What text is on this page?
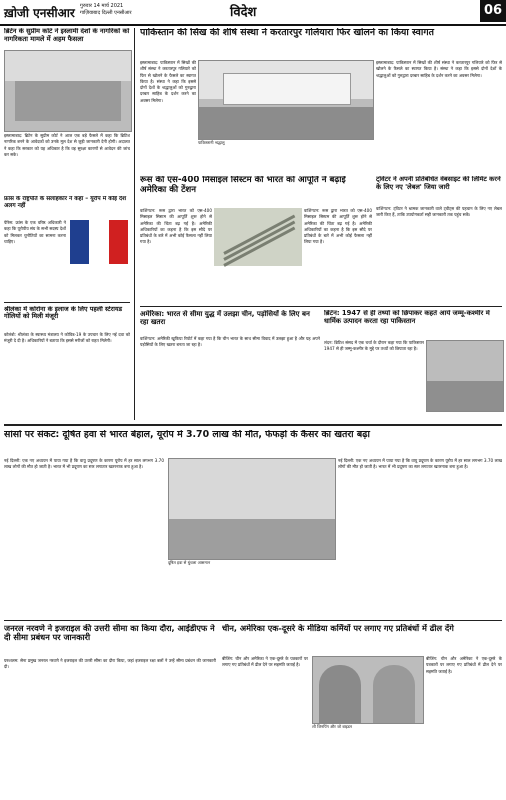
ख़ोजी एनसीआर गुरुवार 14 मार्च 2021
गाज़ियाबाद दिल्ली एनसीआर	विदेश	06
ब्रिटेन के सुप्रीम कोर्ट ने इस्लामी देशों के नागरिकों को नागरिकता मामले में अहम फैसला
इस्लामाबाद: ब्रिटेन के सुप्रीम कोर्ट ने आज एक बड़े फैसले में कहा कि ब्रिटिश नागरिक बनने के आवेदकों को उनके मूल देश से जुड़ी जानकारी देनी होगी। अदालत ने कहा कि सरकार को यह अधिकार है कि वह सुरक्षा कारणों से आवेदन की जांच कर सके।
फ्रांस के राष्ट्रपति के सलाहकार ने कहा – यूरोप में कोई देश अलग नहीं
पेरिस: फ्रांस के एक वरिष्ठ अधिकारी ने कहा कि यूरोपीय संघ के सभी सदस्य देशों को मिलकर चुनौतियों का सामना करना चाहिए।
श्रीलंका में कोरोना के इलाज के लिए पहली स्टेरायड गोलियों को मिली मंजूरी
कोलंबो: श्रीलंका के स्वास्थ्य मंत्रालय ने कोविड-19 के उपचार के लिए नई दवा को मंजूरी दे दी है। अधिकारियों ने बताया कि इससे मरीजों को राहत मिलेगी।
पाकिस्तान की सिख की शीर्ष संस्था ने करतारपुर गलियारा फिर खोलने का किया स्वागत
इस्लामाबाद: पाकिस्तान में सिखों की शीर्ष संस्था ने करतारपुर गलियारे को फिर से खोलने के फैसले का स्वागत किया है। संस्था ने कहा कि इससे दोनों देशों के श्रद्धालुओं को गुरुद्वारा दरबार साहिब के दर्शन करने का अवसर मिलेगा।
पाकिस्तानी श्रद्धालु
इस्लामाबाद: पाकिस्तान में सिखों की शीर्ष संस्था ने करतारपुर गलियारे को फिर से खोलने के फैसले का स्वागत किया है। संस्था ने कहा कि इससे दोनों देशों के श्रद्धालुओं को गुरुद्वारा दरबार साहिब के दर्शन करने का अवसर मिलेगा।
रूस की एस-400 मिसाइल सिस्टम की भारत को आपूर्ति ने बढ़ाई अमेरिका की टेंशन
वाशिंगटन: रूस द्वारा भारत को एस-400 मिसाइल सिस्टम की आपूर्ति शुरू होने से अमेरिका की चिंता बढ़ गई है। अमेरिकी अधिकारियों का कहना है कि इस सौदे पर प्रतिबंधों के बारे में अभी कोई फैसला नहीं लिया गया है।
वाशिंगटन: रूस द्वारा भारत को एस-400 मिसाइल सिस्टम की आपूर्ति शुरू होने से अमेरिका की चिंता बढ़ गई है। अमेरिकी अधिकारियों का कहना है कि इस सौदे पर प्रतिबंधों के बारे में अभी कोई फैसला नहीं लिया गया है।
ट्विटर ने अपनी प्रतिबंधित वेबसाइट की लिमिट करने के लिए नए 'लेबल' जिया जारी
वाशिंगटन: ट्विटर ने भ्रामक जानकारी वाले ट्वीट्स की पहचान के लिए नए लेबल जारी किए हैं, ताकि उपयोगकर्ता सही जानकारी तक पहुंच सकें।
अमेरिका: भारत से सीमा युद्ध में उलझा चीन, पड़ोसियों के लिए बन रहा खतरा
वाशिंगटन: अमेरिकी खुफिया रिपोर्ट में कहा गया है कि चीन भारत के साथ सीमा विवाद में उलझा हुआ है और यह अपने पड़ोसियों के लिए खतरा बनता जा रहा है।
ब्रिटेन: 1947 से ही तथ्यों को छिपाकर कहते आये जम्मू-कश्मीर में धार्मिक उत्पादन करता रहा पाकिस्तान
लंदन: ब्रिटिश संसद में एक चर्चा के दौरान कहा गया कि पाकिस्तान 1947 से ही जम्मू-कश्मीर के मुद्दे पर तथ्यों को छिपाता रहा है।
सांसों पर संकट: दूषित हवा से भारत बेहाल, यूरोप में 3.70 लाख की मौत, फेफड़ों के कैंसर का खतरा बढ़ा
नई दिल्ली: एक नए अध्ययन में पाया गया है कि वायु प्रदूषण के कारण यूरोप में हर साल लगभग 3.70 लाख लोगों की मौत हो जाती है। भारत में भी प्रदूषण का स्तर लगातार खतरनाक बना हुआ है।
दूषित हवा से धुंधला आसमान
नई दिल्ली: एक नए अध्ययन में पाया गया है कि वायु प्रदूषण के कारण यूरोप में हर साल लगभग 3.70 लाख लोगों की मौत हो जाती है। भारत में भी प्रदूषण का स्तर लगातार खतरनाक बना हुआ है।
जनरल नरवणे ने इजराइल की उत्तरी सीमा का किया दौरा, आईडीएफ ने दी सीमा प्रबंधन पर जानकारी
यरुशलम: सेना प्रमुख जनरल नरवणे ने इजराइल की उत्तरी सीमा का दौरा किया, जहां इजराइल रक्षा बलों ने उन्हें सीमा प्रबंधन की जानकारी दी।
चीन, अमेरिका एक-दूसरे के मीडिया कर्मियों पर लगाए गए प्रतिबंधों में ढील देंगे
बीजिंग: चीन और अमेरिका ने एक-दूसरे के पत्रकारों पर लगाए गए प्रतिबंधों में ढील देने पर सहमति जताई है।
शी जिनपिंग और जो बाइडन
बीजिंग: चीन और अमेरिका ने एक-दूसरे के पत्रकारों पर लगाए गए प्रतिबंधों में ढील देने पर सहमति जताई है।
